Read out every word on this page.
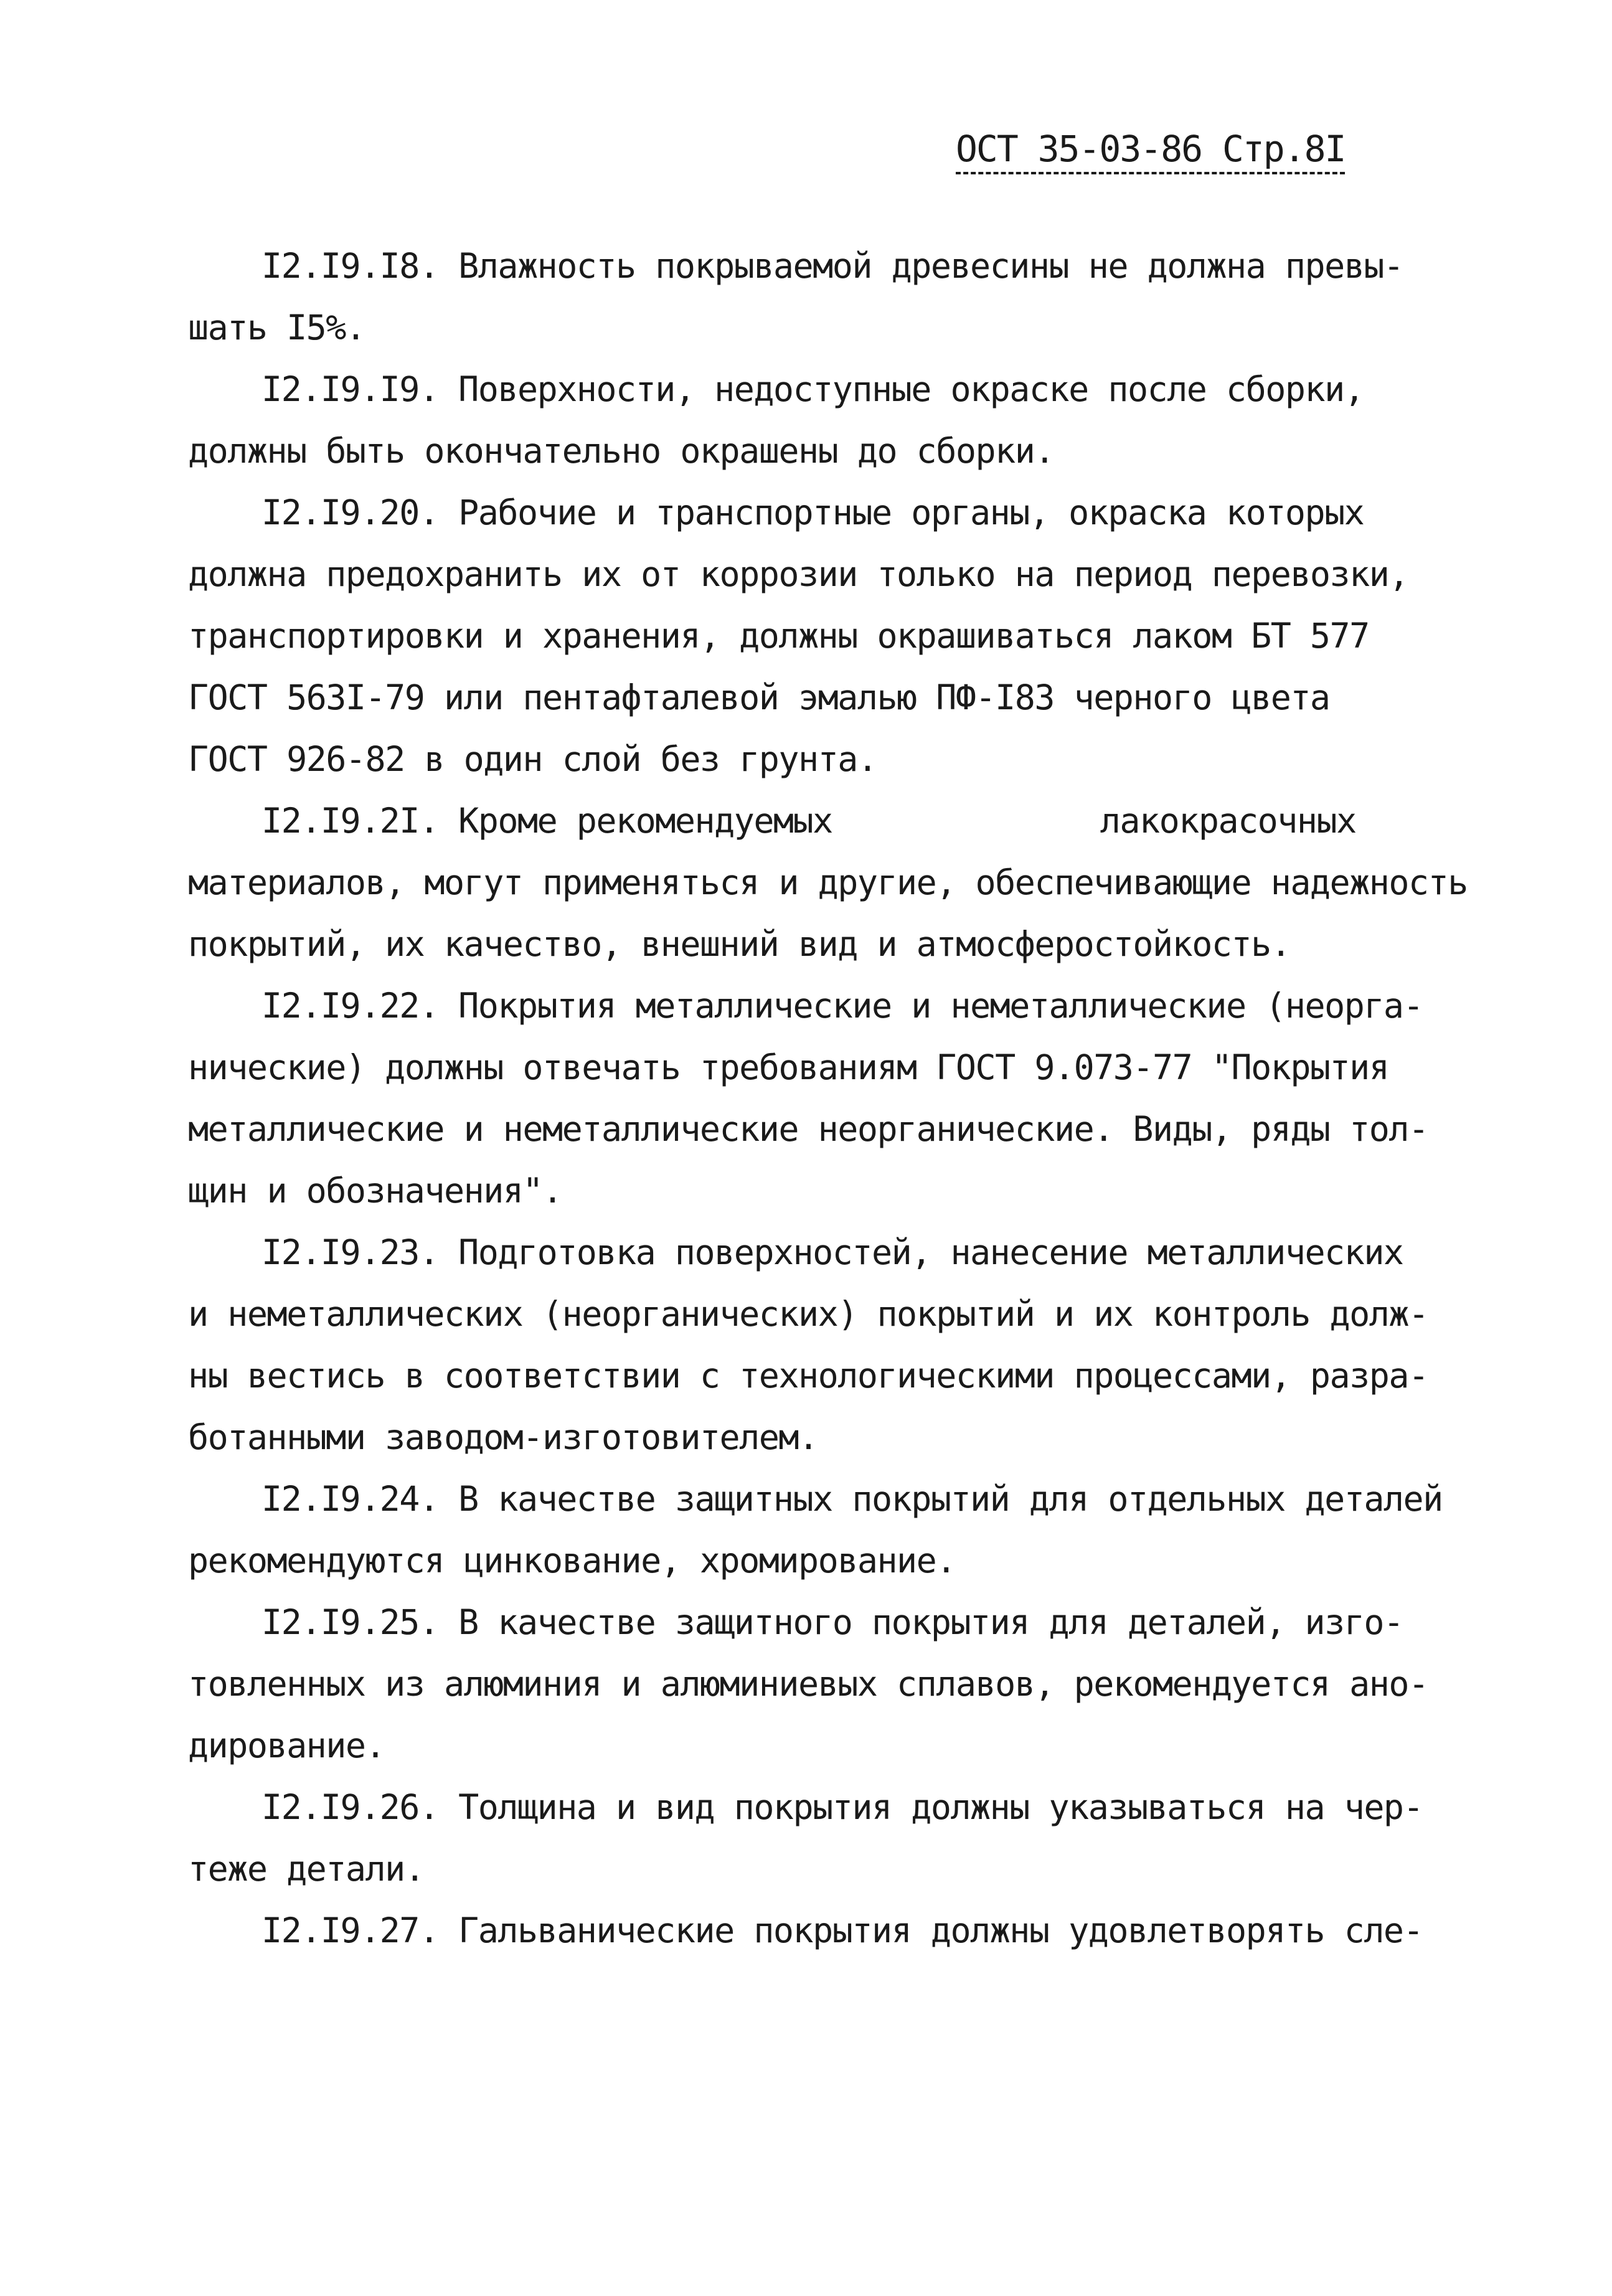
ОСТ 35-03-86 Стр.8I
I2.I9.I8. Влажность покрываемой древесины не должна превы-
шать I5%.
I2.I9.I9. Поверхности, недоступные окраске после сборки,
должны быть окончательно окрашены до сборки.
I2.I9.20. Рабочие и транспортные органы, окраска которых
должна предохранить их от коррозии только на период перевозки,
транспортировки и хранения, должны окрашиваться лаком БТ 577
ГОСТ 563I-79 или пентафталевой эмалью ПФ-I83 черного цвета
ГОСТ 926-82 в один слой без грунта.
I2.I9.2I. Кроме рекомендуемых	лакокрасочных
материалов, могут применяться и другие, обеспечивающие надежность
покрытий, их качество, внешний вид и атмосферостойкость.
I2.I9.22. Покрытия металлические и неметаллические (неорга-
нические) должны отвечать требованиям ГОСТ 9.073-77 "Покрытия
металлические и неметаллические неорганические. Виды, ряды тол-
щин и обозначения".
I2.I9.23. Подготовка поверхностей, нанесение металлических
и неметаллических (неорганических) покрытий и их контроль долж-
ны вестись в соответствии с технологическими процессами, разра-
ботанными заводом-изготовителем.
I2.I9.24. В качестве защитных покрытий для отдельных деталей
рекомендуются цинкование, хромирование.
I2.I9.25. В качестве защитного покрытия для деталей, изго-
товленных из алюминия и алюминиевых сплавов, рекомендуется ано-
дирование.
I2.I9.26. Толщина и вид покрытия должны указываться на чер-
теже детали.
I2.I9.27. Гальванические покрытия должны удовлетворять сле-
